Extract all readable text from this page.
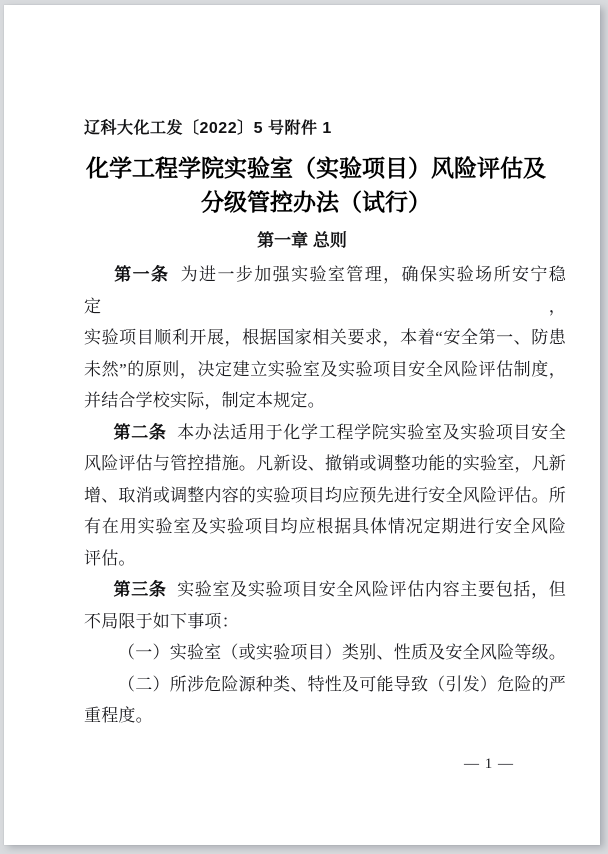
辽科大化工发〔2022〕5 号附件 1
化学工程学院实验室（实验项目）风险评估及
分级管控办法（试行）
第一章 总则
第一条 为进一步加强实验室管理，确保实验场所安宁稳定，
实验项目顺利开展，根据国家相关要求，本着“安全第一、防患
未然”的原则，决定建立实验室及实验项目安全风险评估制度，
并结合学校实际，制定本规定。
第二条 本办法适用于化学工程学院实验室及实验项目安全
风险评估与管控措施。凡新设、撤销或调整功能的实验室，凡新
增、取消或调整内容的实验项目均应预先进行安全风险评估。所
有在用实验室及实验项目均应根据具体情况定期进行安全风险
评估。
第三条 实验室及实验项目安全风险评估内容主要包括，但
不局限于如下事项：
（一）实验室（或实验项目）类别、性质及安全风险等级。
（二）所涉危险源种类、特性及可能导致（引发）危险的严
重程度。
— 1 —
